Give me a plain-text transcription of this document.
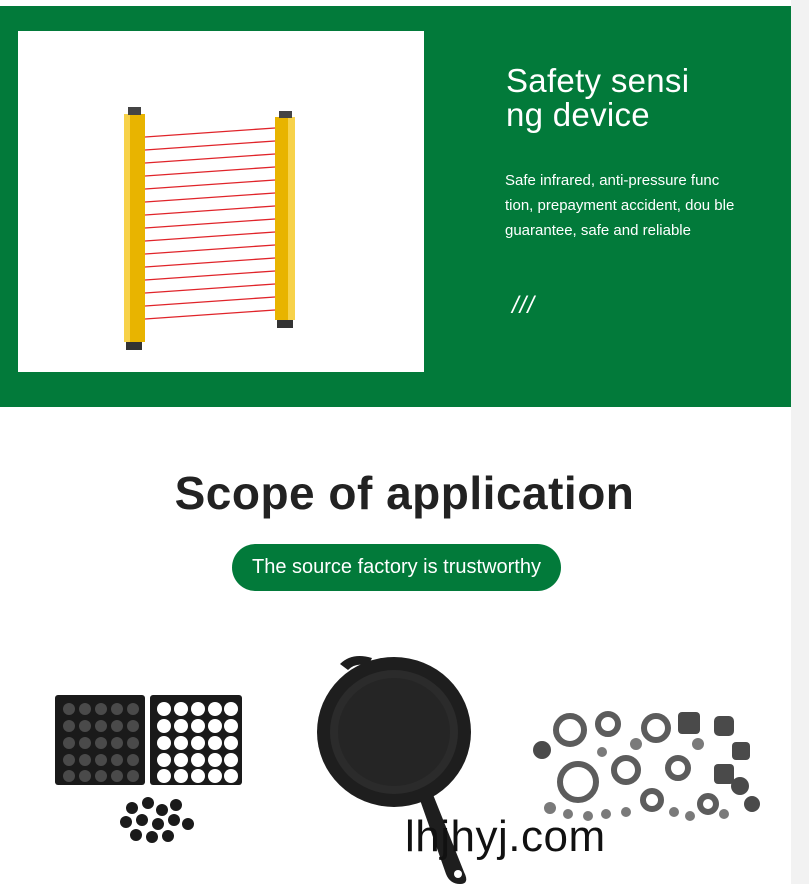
Safety sensi ng device
Safe infrared, anti-pressure func tion, prepayment accident, dou ble guarantee, safe and reliable
///
Scope of application
The source factory is trustworthy
lhjhyj.com
